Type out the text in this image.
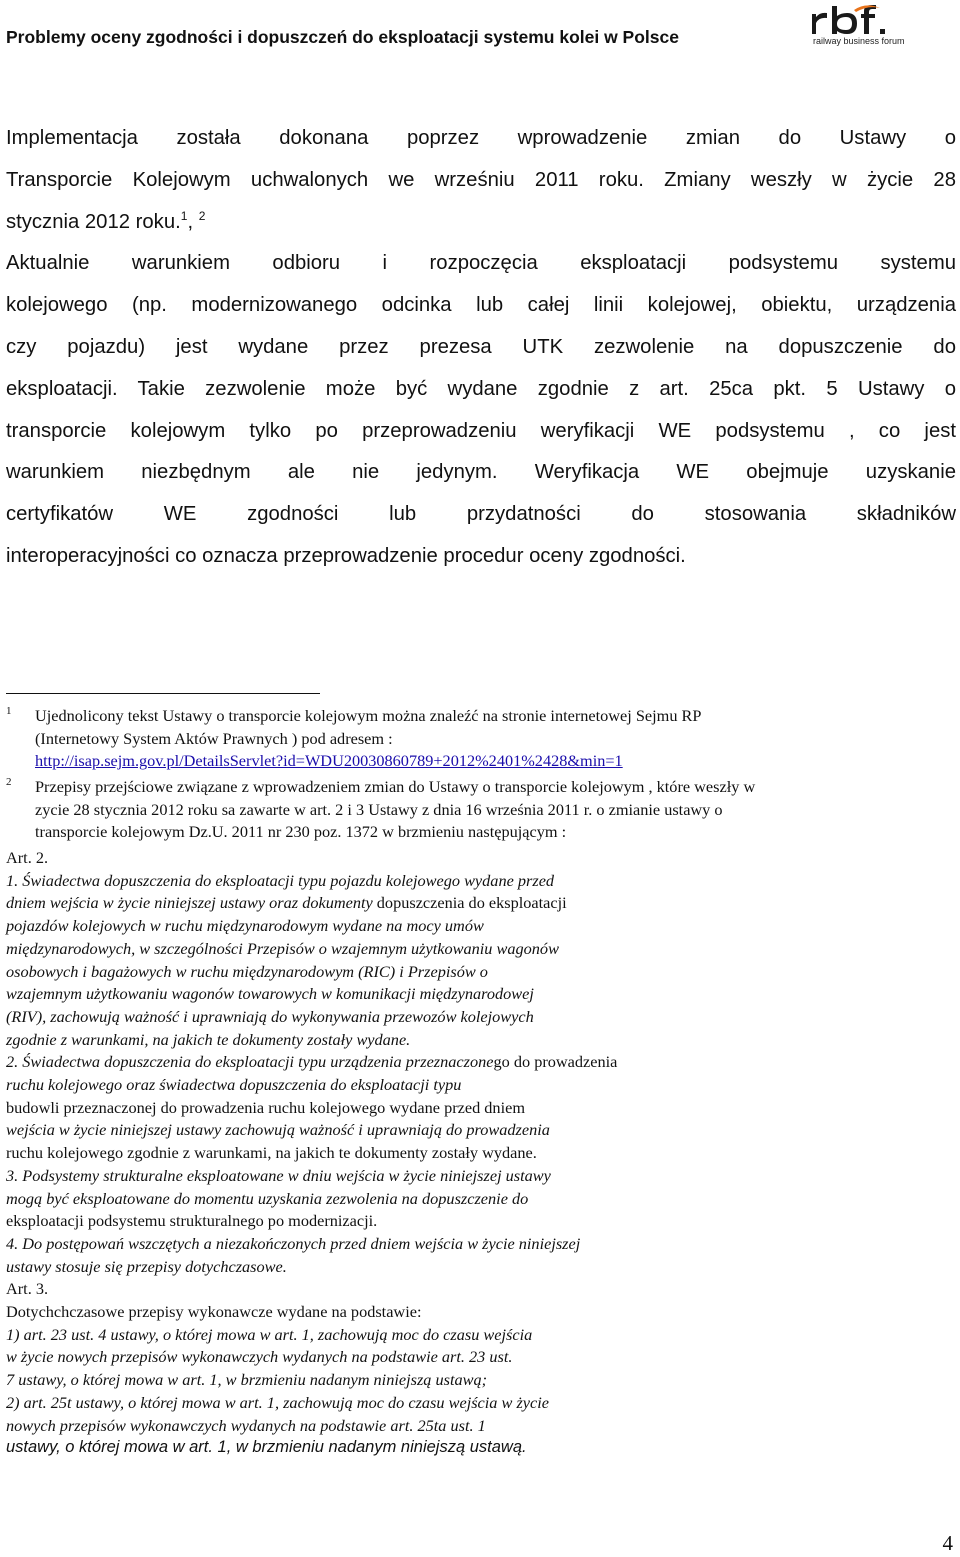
Problemy oceny zgodności i dopuszczeń do eksploatacji systemu kolei w Polsce	railway business forum
Implementacja została dokonana poprzez wprowadzenie zmian do Ustawy o
Transporcie Kolejowym uchwalonych we wrześniu 2011 roku. Zmiany weszły w życie 28
stycznia 2012 roku.$^1$, $^2$
Aktualnie warunkiem odbioru i rozpoczęcia eksploatacji podsystemu systemu
kolejowego (np. modernizowanego odcinka lub całej linii kolejowej, obiektu, urządzenia
czy pojazdu) jest wydane przez prezesa UTK zezwolenie na dopuszczenie do
eksploatacji. Takie zezwolenie może być wydane zgodnie z art. 25ca pkt. 5 Ustawy o
transporcie kolejowym tylko po przeprowadzeniu weryfikacji WE podsystemu , co jest
warunkiem niezbędnym ale nie jedynym. Weryfikacja WE obejmuje uzyskanie
certyfikatów WE zgodności lub przydatności do stosowania składników
interoperacyjności co oznacza przeprowadzenie procedur oceny zgodności.
1 Ujednolicony tekst Ustawy o transporcie kolejowym można znaleźć na stronie internetowej Sejmu RP
(Internetowy System Aktów Prawnych ) pod adresem :
http://isap.sejm.gov.pl/DetailsServlet?id=WDU20030860789+2012%2401%2428&min=1
2 Przepisy przejściowe związane z wprowadzeniem zmian do Ustawy o transporcie kolejowym , które weszły w
zycie 28 stycznia 2012 roku sa zawarte w art. 2 i 3 Ustawy z dnia 16 września 2011 r. o zmianie ustawy o
transporcie kolejowym Dz.U. 2011 nr 230 poz. 1372 w brzmieniu następującym :
Art. 2.
1. Świadectwa dopuszczenia do eksploatacji typu pojazdu kolejowego wydane przed
dniem wejścia w życie niniejszej ustawy oraz dokumenty dopuszczenia do eksploatacji
pojazdów kolejowych w ruchu międzynarodowym wydane na mocy umów
międzynarodowych, w szczególności Przepisów o wzajemnym użytkowaniu wagonów
osobowych i bagażowych w ruchu międzynarodowym (RIC) i Przepisów o
wzajemnym użytkowaniu wagonów towarowych w komunikacji międzynarodowej
(RIV), zachowują ważność i uprawniają do wykonywania przewozów kolejowych
zgodnie z warunkami, na jakich te dokumenty zostały wydane.
2. Świadectwa dopuszczenia do eksploatacji typu urządzenia przeznaczonego do prowadzenia
ruchu kolejowego oraz świadectwa dopuszczenia do eksploatacji typu
budowli przeznaczonej do prowadzenia ruchu kolejowego wydane przed dniem
wejścia w życie niniejszej ustawy zachowują ważność i uprawniają do prowadzenia
ruchu kolejowego zgodnie z warunkami, na jakich te dokumenty zostały wydane.
3. Podsystemy strukturalne eksploatowane w dniu wejścia w życie niniejszej ustawy
mogą być eksploatowane do momentu uzyskania zezwolenia na dopuszczenie do
eksploatacji podsystemu strukturalnego po modernizacji.
4. Do postępowań wszczętych a niezakończonych przed dniem wejścia w życie niniejszej
ustawy stosuje się przepisy dotychczasowe.
Art. 3.
Dotychchczasowe przepisy wykonawcze wydane na podstawie:
1) art. 23 ust. 4 ustawy, o której mowa w art. 1, zachowują moc do czasu wejścia
w życie nowych przepisów wykonawczych wydanych na podstawie art. 23 ust.
7 ustawy, o której mowa w art. 1, w brzmieniu nadanym niniejszą ustawą;
2) art. 25t ustawy, o której mowa w art. 1, zachowują moc do czasu wejścia w życie
nowych przepisów wykonawczych wydanych na podstawie art. 25ta ust. 1
ustawy, o której mowa w art. 1, w brzmieniu nadanym niniejszą ustawą.
4
